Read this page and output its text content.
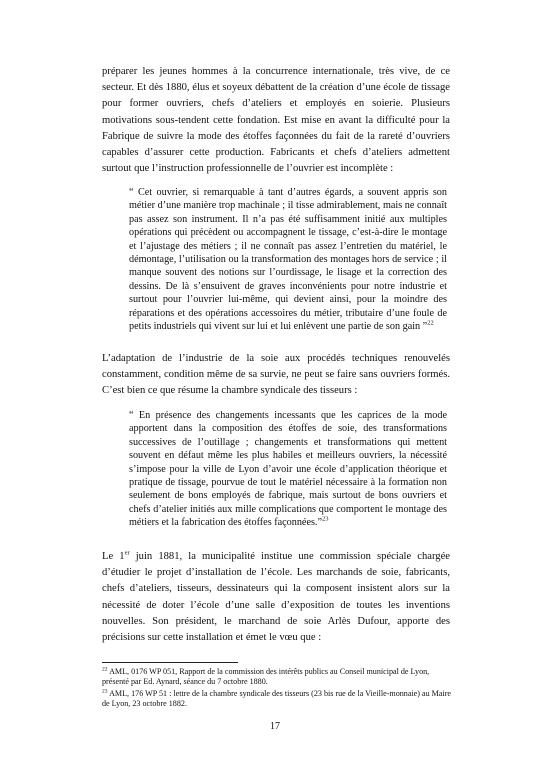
préparer les jeunes hommes à la concurrence internationale, très vive, de ce secteur. Et dès 1880, élus et soyeux débattent de la création d’une école de tissage pour former ouvriers, chefs d’ateliers et employés en soierie. Plusieurs motivations sous-tendent cette fondation. Est mise en avant la difficulté pour la Fabrique de suivre la mode des étoffes façonnées du fait de la rareté d’ouvriers capables d’assurer cette production. Fabricants et chefs d’ateliers admettent surtout que l’instruction professionnelle de l’ouvrier est incomplète :

“ Cet ouvrier, si remarquable à tant d’autres égards, a souvent appris son métier d’une manière trop machinale ; il tisse admirablement, mais ne connaît pas assez son instrument. Il n’a pas été suffisamment initié aux multiples opérations qui précèdent ou accompagnent le tissage, c’est-à-dire le montage et l’ajustage des métiers ; il ne connaît pas assez l’entretien du matériel, le démontage, l’utilisation ou la transformation des montages hors de service ; il manque souvent des notions sur l’ourdissage, le lisage et la correction des dessins. De là s’ensuivent de graves inconvénients pour notre industrie et surtout pour l’ouvrier lui-même, qui devient ainsi, pour la moindre des réparations et des opérations accessoires du métier, tributaire d’une foule de petits industriels qui vivent sur lui et lui enlèvent une partie de son gain ”$^{22}$

L’adaptation de l’industrie de la soie aux procédés techniques renouvelés constamment, condition même de sa survie, ne peut se faire sans ouvriers formés. C’est bien ce que résume la chambre syndicale des tisseurs :

“ En présence des changements incessants que les caprices de la mode apportent dans la composition des étoffes de soie, des transformations successives de l’outillage ; changements et transformations qui mettent souvent en défaut même les plus habiles et meilleurs ouvriers, la nécessité s’impose pour la ville de Lyon d’avoir une école d’application théorique et pratique de tissage, pourvue de tout le matériel nécessaire à la formation non seulement de bons employés de fabrique, mais surtout de bons ouvriers et chefs d’atelier initiés aux mille complications que comportent le montage des métiers et la fabrication des étoffes façonnées.”$^{23}$

Le 1er juin 1881, la municipalité institue une commission spéciale chargée d’étudier le projet d’installation de l’école. Les marchands de soie, fabricants, chefs d’ateliers, tisseurs, dessinateurs qui la composent insistent alors sur la nécessité de doter l’école d’une salle d’exposition de toutes les inventions nouvelles. Son président, le marchand de soie Arlès Dufour, apporte des précisions sur cette installation et émet le vœu que :

$^{22}$ AML, 0176 WP 051, Rapport de la commission des intérêts publics au Conseil municipal de Lyon, présenté par Ed. Aynard, séance du 7 octobre 1880.

$^{23}$ AML, 176 WP 51 : lettre de la chambre syndicale des tisseurs (23 bis rue de la Vieille-monnaie) au Maire de Lyon, 23 octobre 1882.

17
